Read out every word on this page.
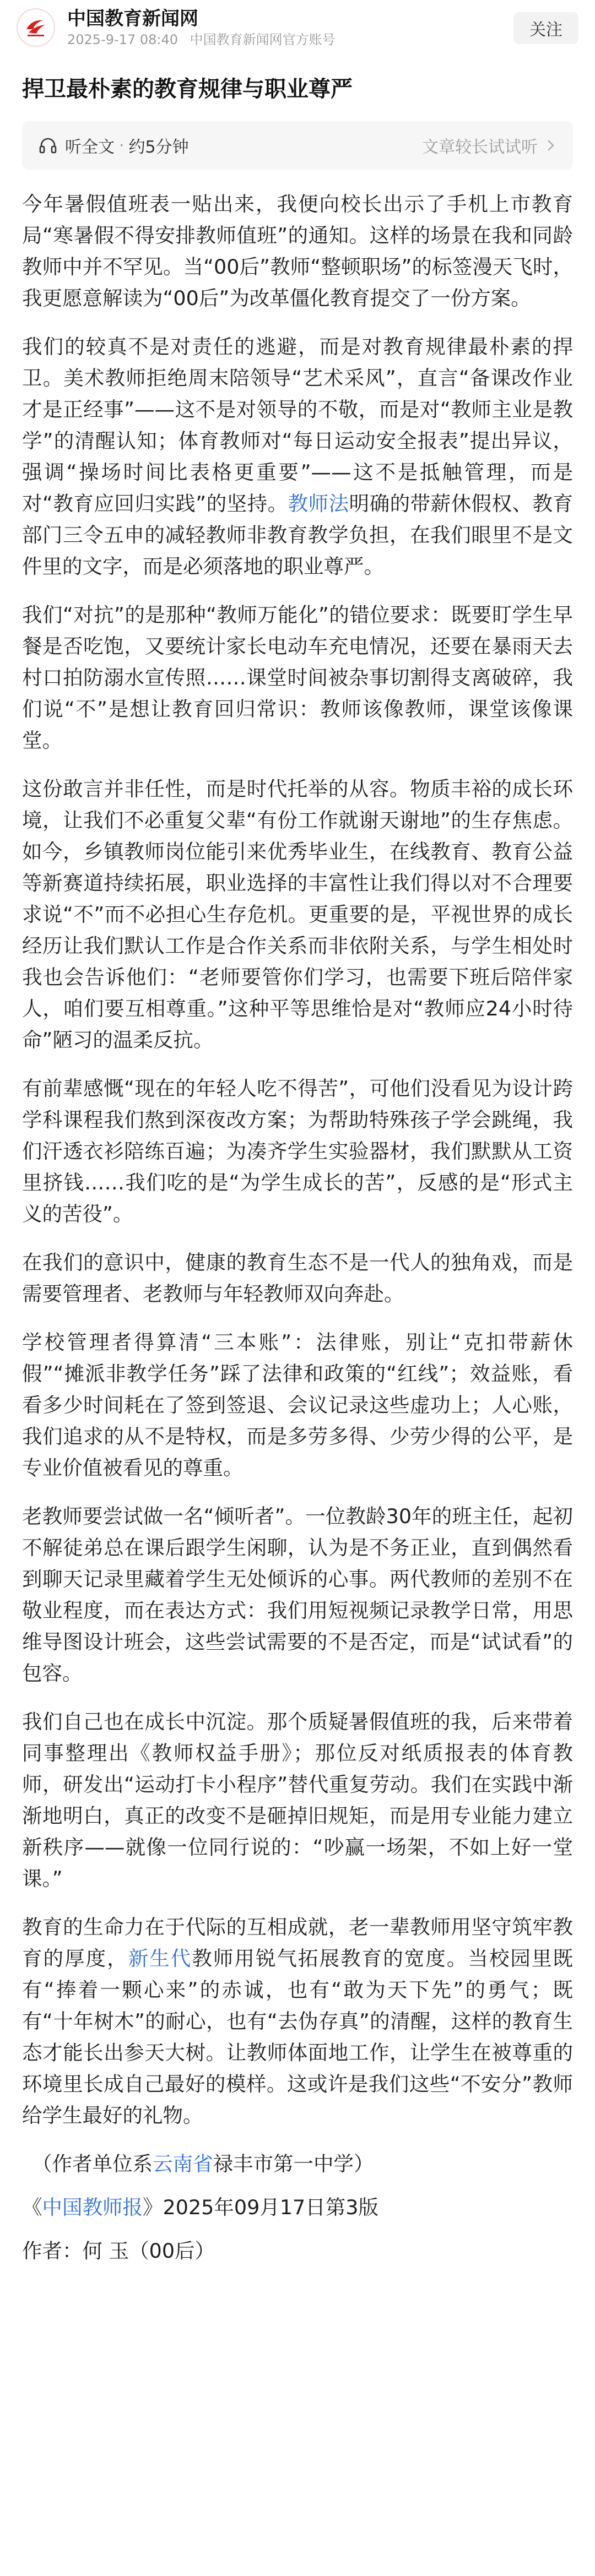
中国教育新闻网
2025-9-17 08:40 中国教育新闻网官方账号	关注
捍卫最朴素的教育规律与职业尊严
听全文 · 约5分钟	文章较长试试听

今年暑假值班表一贴出来，我便向校长出示了手机上市教育局“寒暑假不得安排教师值班”的通知。这样的场景在我和同龄教师中并不罕见。当“00后”教师“整顿职场”的标签漫天飞时，我更愿意解读为“00后”为改革僵化教育提交了一份方案。

我们的较真不是对责任的逃避，而是对教育规律最朴素的捍卫。美术教师拒绝周末陪领导“艺术采风”，直言“备课改作业才是正经事”——这不是对领导的不敬，而是对“教师主业是教学”的清醒认知；体育教师对“每日运动安全报表”提出异议，强调“操场时间比表格更重要”——这不是抵触管理，而是对“教育应回归实践”的坚持。教师法明确的带薪休假权、教育部门三令五申的减轻教师非教育教学负担，在我们眼里不是文件里的文字，而是必须落地的职业尊严。

我们“对抗”的是那种“教师万能化”的错位要求：既要盯学生早餐是否吃饱，又要统计家长电动车充电情况，还要在暴雨天去村口拍防溺水宣传照……课堂时间被杂事切割得支离破碎，我们说“不”是想让教育回归常识：教师该像教师，课堂该像课堂。

这份敢言并非任性，而是时代托举的从容。物质丰裕的成长环境，让我们不必重复父辈“有份工作就谢天谢地”的生存焦虑。如今，乡镇教师岗位能引来优秀毕业生，在线教育、教育公益等新赛道持续拓展，职业选择的丰富性让我们得以对不合理要求说“不”而不必担心生存危机。更重要的是，平视世界的成长经历让我们默认工作是合作关系而非依附关系，与学生相处时我也会告诉他们：“老师要管你们学习，也需要下班后陪伴家人，咱们要互相尊重。”这种平等思维恰是对“教师应24小时待命”陋习的温柔反抗。

有前辈感慨“现在的年轻人吃不得苦”，可他们没看见为设计跨学科课程我们熬到深夜改方案；为帮助特殊孩子学会跳绳，我们汗透衣衫陪练百遍；为凑齐学生实验器材，我们默默从工资里挤钱……我们吃的是“为学生成长的苦”，反感的是“形式主义的苦役”。

在我们的意识中，健康的教育生态不是一代人的独角戏，而是需要管理者、老教师与年轻教师双向奔赴。

学校管理者得算清“三本账”：法律账，别让“克扣带薪休假”“摊派非教学任务”踩了法律和政策的“红线”；效益账，看看多少时间耗在了签到签退、会议记录这些虚功上；人心账，我们追求的从不是特权，而是多劳多得、少劳少得的公平，是专业价值被看见的尊重。

老教师要尝试做一名“倾听者”。一位教龄30年的班主任，起初不解徒弟总在课后跟学生闲聊，认为是不务正业，直到偶然看到聊天记录里藏着学生无处倾诉的心事。两代教师的差别不在敬业程度，而在表达方式：我们用短视频记录教学日常，用思维导图设计班会，这些尝试需要的不是否定，而是“试试看”的包容。

我们自己也在成长中沉淀。那个质疑暑假值班的我，后来带着同事整理出《教师权益手册》；那位反对纸质报表的体育教师，研发出“运动打卡小程序”替代重复劳动。我们在实践中渐渐地明白，真正的改变不是砸掉旧规矩，而是用专业能力建立新秩序——就像一位同行说的：“吵赢一场架，不如上好一堂课。”

教育的生命力在于代际的互相成就，老一辈教师用坚守筑牢教育的厚度，新生代教师用锐气拓展教育的宽度。当校园里既有“捧着一颗心来”的赤诚，也有“敢为天下先”的勇气；既有“十年树木”的耐心，也有“去伪存真”的清醒，这样的教育生态才能长出参天大树。让教师体面地工作，让学生在被尊重的环境里长成自己最好的模样。这或许是我们这些“不安分”教师给学生最好的礼物。

（作者单位系云南省禄丰市第一中学）
《中国教师报》2025年09月17日第3版
作者：何 玉（00后）
